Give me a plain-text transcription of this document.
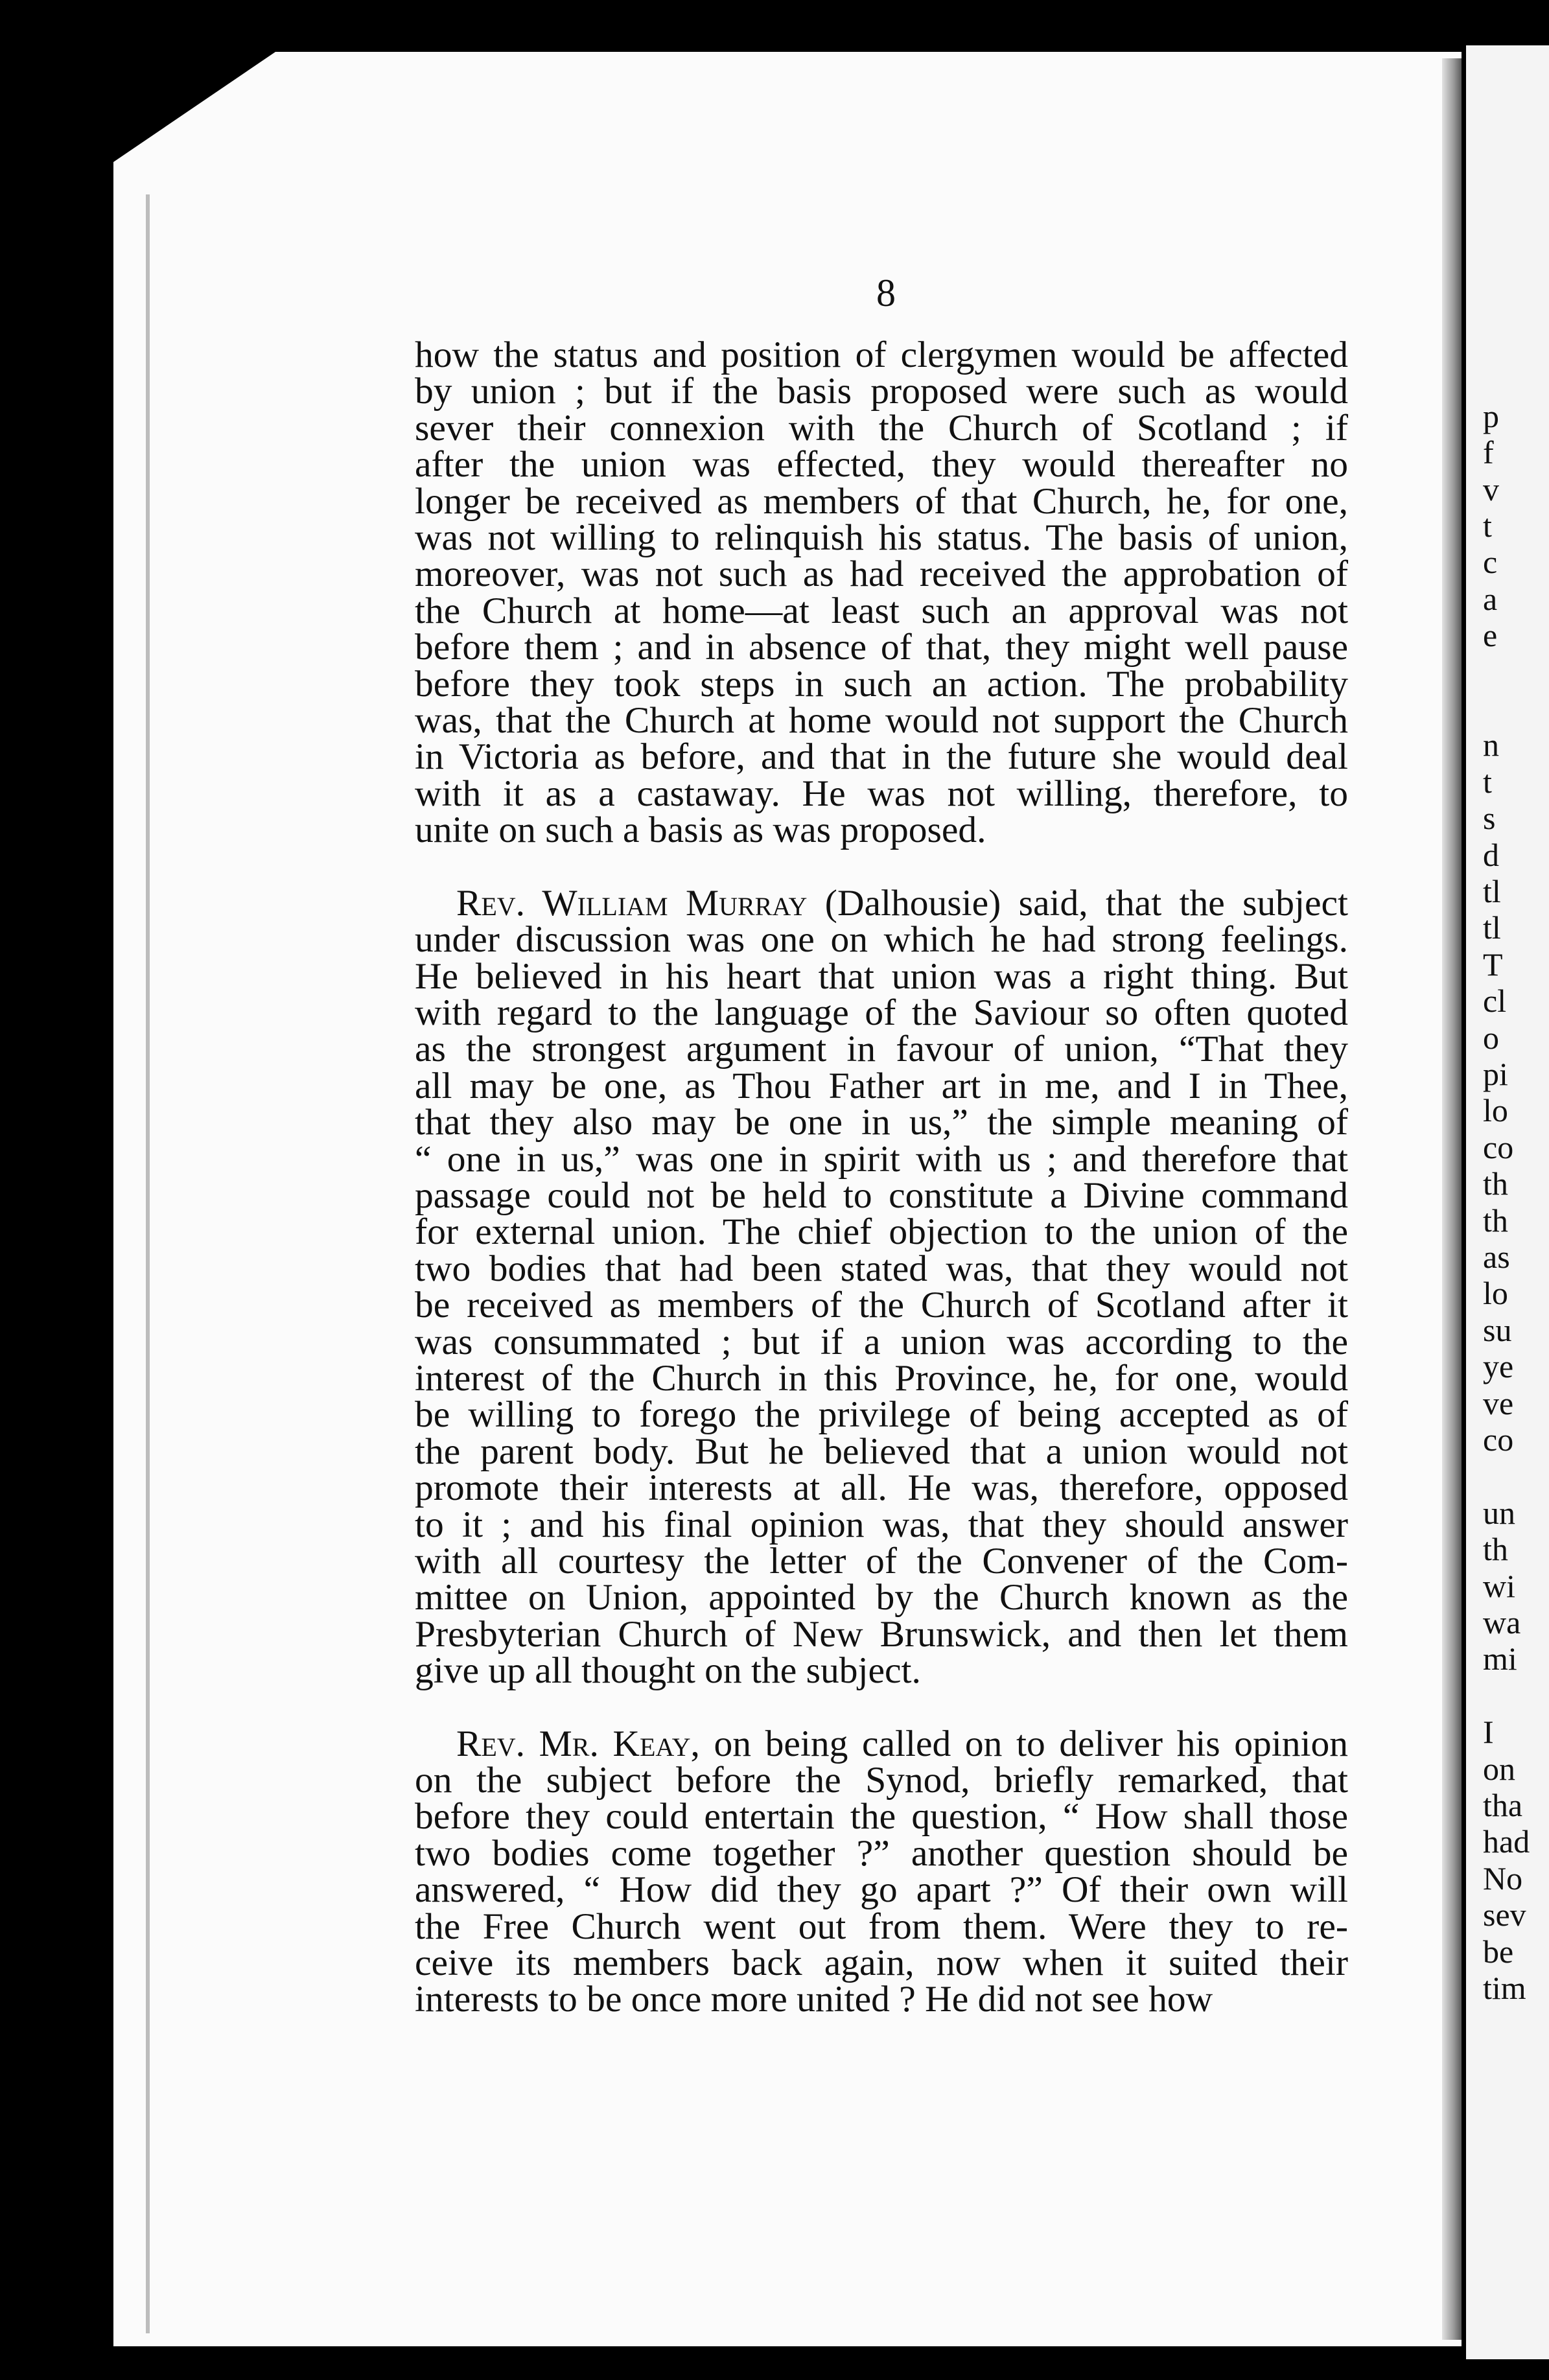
p
f
v
t
c
a
e
n
t
s
d
tl
tl
T
cl
o
pi
lo
co
th
th
as
lo
su
ye
ve
co
un
th
wi
wa
mi
I
on
tha
had
No
sev
be
tim
8
how the status and position of clergymen would be affected
by union ; but if the basis proposed were such as would
sever their connexion with the Church of Scotland ; if
after the union was effected, they would thereafter no
longer be received as members of that Church, he, for one,
was not willing to relinquish his status. The basis of union,
moreover, was not such as had received the approbation of
the Church at home—at least such an approval was not
before them ; and in absence of that, they might well pause
before they took steps in such an action. The probability
was, that the Church at home would not support the Church
in Victoria as before, and that in the future she would deal
with it as a castaway. He was not willing, therefore, to
unite on such a basis as was proposed.
Rev. William Murray (Dalhousie) said, that the subject
under discussion was one on which he had strong feelings.
He believed in his heart that union was a right thing. But
with regard to the language of the Saviour so often quoted
as the strongest argument in favour of union, “That they
all may be one, as Thou Father art in me, and I in Thee,
that they also may be one in us,” the simple meaning of
“ one in us,” was one in spirit with us ; and therefore that
passage could not be held to constitute a Divine command
for external union. The chief objection to the union of the
two bodies that had been stated was, that they would not
be received as members of the Church of Scotland after it
was consummated ; but if a union was according to the
interest of the Church in this Province, he, for one, would
be willing to forego the privilege of being accepted as of
the parent body. But he believed that a union would not
promote their interests at all. He was, therefore, opposed
to it ; and his final opinion was, that they should answer
with all courtesy the letter of the Convener of the Com-
mittee on Union, appointed by the Church known as the
Presbyterian Church of New Brunswick, and then let them
give up all thought on the subject.
Rev. Mr. Keay, on being called on to deliver his opinion
on the subject before the Synod, briefly remarked, that
before they could entertain the question, “ How shall those
two bodies come together ?” another question should be
answered, “ How did they go apart ?” Of their own will
the Free Church went out from them. Were they to re-
ceive its members back again, now when it suited their
interests to be once more united ? He did not see how
